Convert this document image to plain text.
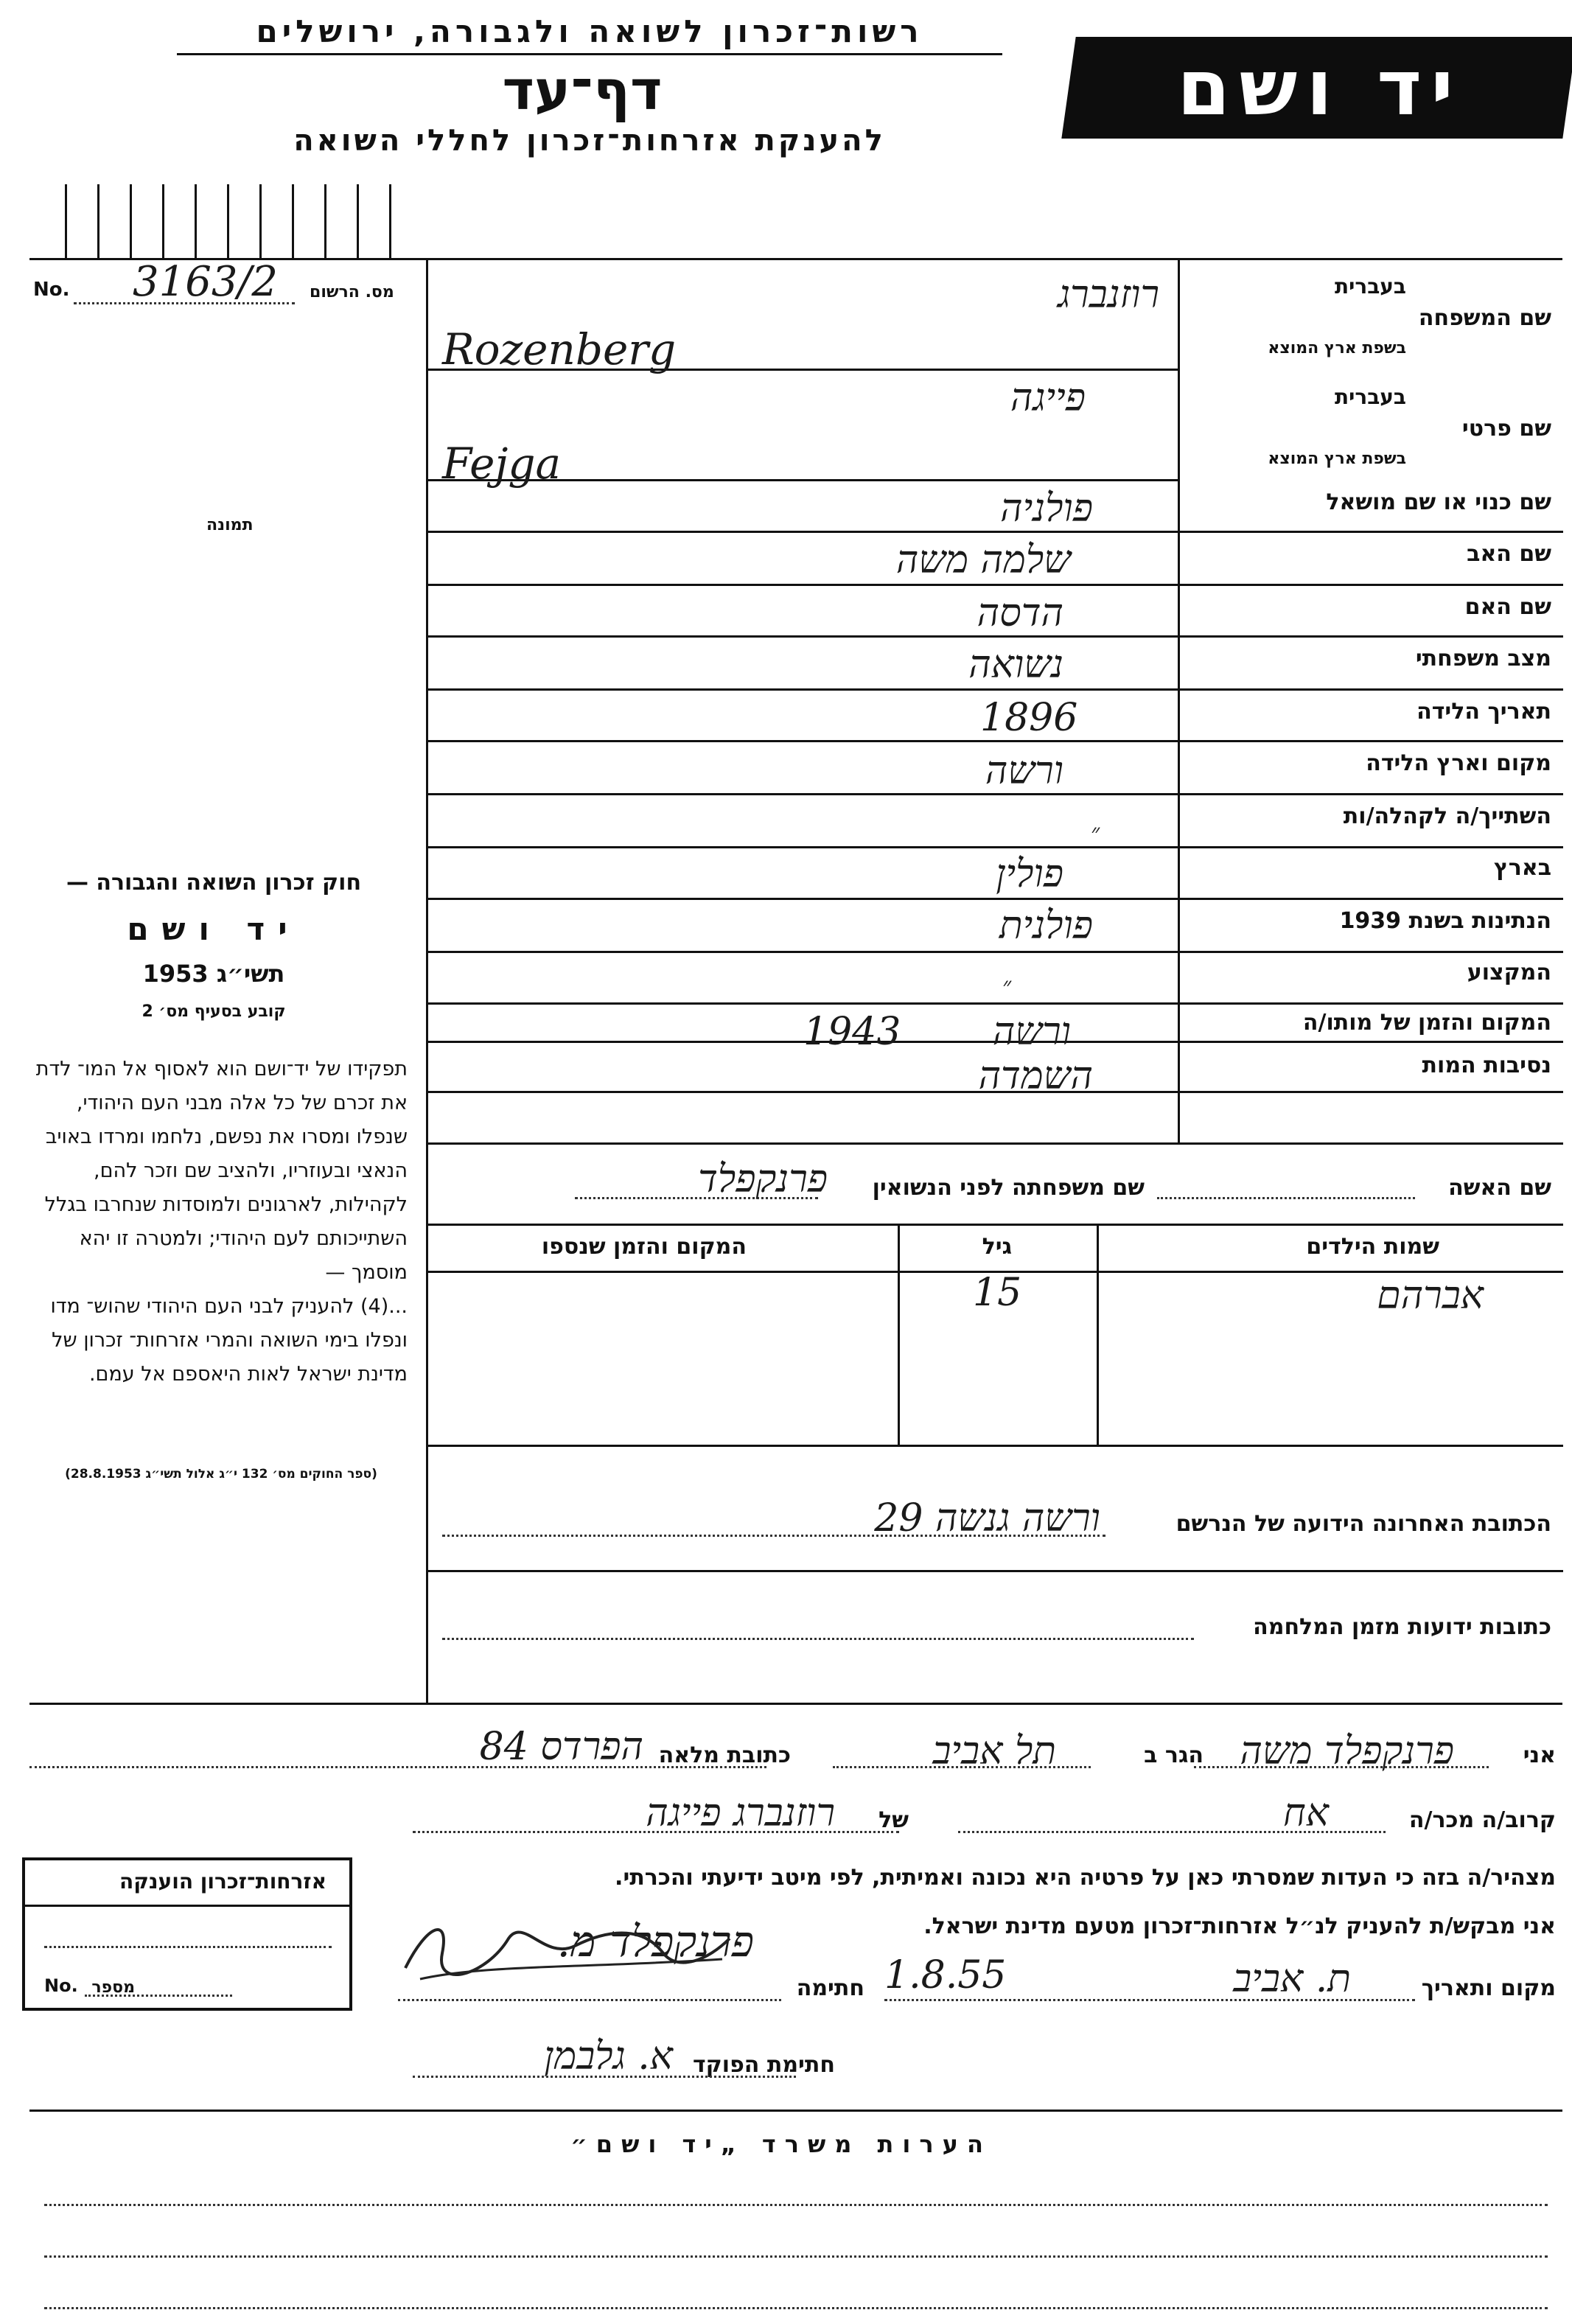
רשות־זכרון לשואה ולגבורה, ירושלים
דף־עד
להענקת אזרחות־זכרון לחללי השואה
יד ושם
No. 3163/2 מס. הרשום
תמונה
בעברית
שם המשפחה
בשפת ארץ המוצא
בעברית
שם פרטי
בשפת ארץ המוצא
שם כנוי או שם מושאל
שם האב
שם האם
מצב משפחתי
תאריך הלידה
מקום וארץ הלידה
השתייך/ה לקהלה/ות
בארץ
הנתינות בשנת 1939
המקצוע
המקום והזמן של מותו/ה
נסיבות המות
רוזנברג
Rozenberg
פייגה
Fejga
פולניה
שלמה משה
הדסה
נשואה
1896
ורשה
״
פולין
פולנית
״
ורשה
1943
השמדה
שם האשה
שם משפחתה לפני הנשואין
פרנקפלד
שמות הילדים
גיל
המקום והזמן שנספו
אברהם
15
הכתובת האחרונה הידועה של הנרשם
ורשה גנשה 29
כתובות ידועות מזמן המלחמה
חוק זכרון השואה והגבורה —
יד ושם
תשי״ג 1953
קובע בסעיף מס׳ 2
תפקידו של יד־ושם הוא לאסוף אל המו־ לדת את זכרם של כל אלה מבני העם היהודי, שנפלו ומסרו את נפשם, נלחמו ומרדו באויב הנאצי ובעוזריו, ולהציב שם וזכר להם, לקהילות, לארגונים ולמוסדות שנחרבו בגלל השתייכותם לעם היהודי; ולמטרה זו יהא מוסמך —
...(4) להעניק לבני העם היהודי שהוש־ מדו ונפלו בימי השואה והמרי אזרחות־ זכרון של מדינת ישראל לאות היאספם אל עמם.
(ספר החוקים מס׳ 132 י״ג אלול תשי״ג 28.8.1953)
אני
פרנקפלד משה
הגר ב
תל אביב
כתובת מלאה
הפרדס 84
קרוב/ה מכר/ה
אח
של
רוזנברג פייגה
מצהיר/ה בזה כי העדות שמסרתי כאן על פרטיה היא נכונה ואמיתית, לפי מיטב ידיעתי והכרתי.
אני מבקש/ת להעניק לנ״ל אזרחות־זכרון מטעם מדינת ישראל.
מקום ותאריך
ת. אביב
1.8.55
חתימה
פרנקפלד מ.
חתימת הפוקד
א. גלבמן
אזרחות־זכרון הוענקה
No. מספר
הערות משרד „יד ושם״
